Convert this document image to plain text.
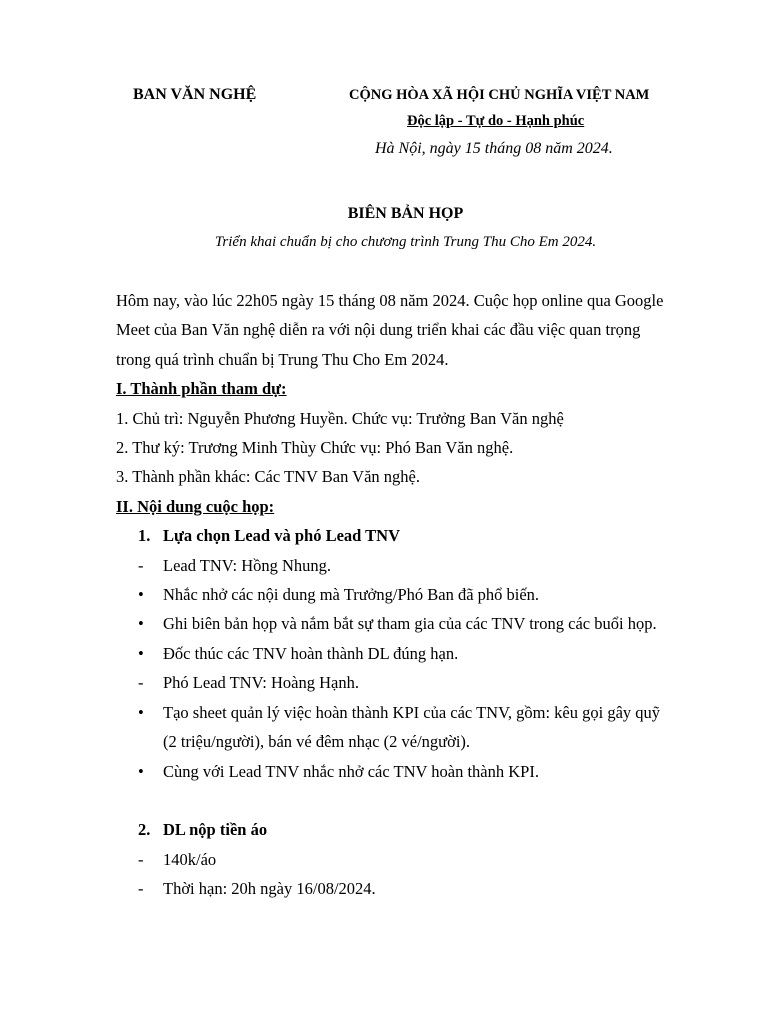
BAN VĂN NGHỆ	CỘNG HÒA XÃ HỘI CHỦ NGHĨA VIỆT NAM
Độc lập - Tự do - Hạnh phúc
Hà Nội, ngày 15 tháng 08 năm 2024.
BIÊN BẢN HỌP
Triển khai chuẩn bị cho chương trình Trung Thu Cho Em 2024.

Hôm nay, vào lúc 22h05 ngày 15 tháng 08 năm 2024. Cuộc họp online qua Google Meet của Ban Văn nghệ diễn ra với nội dung triển khai các đầu việc quan trọng trong quá trình chuẩn bị Trung Thu Cho Em 2024.

I. Thành phần tham dự:

1. Chủ trì: Nguyễn Phương Huyền. Chức vụ: Trưởng Ban Văn nghệ

2. Thư ký: Trương Minh Thùy Chức vụ: Phó Ban Văn nghệ.

3. Thành phần khác: Các TNV Ban Văn nghệ.

II. Nội dung cuộc họp:

1. Lựa chọn Lead và phó Lead TNV
- Lead TNV: Hồng Nhung.
• Nhắc nhở các nội dung mà Trưởng/Phó Ban đã phổ biến.
• Ghi biên bản họp và nắm bắt sự tham gia của các TNV trong các buổi họp.
• Đốc thúc các TNV hoàn thành DL đúng hạn.
- Phó Lead TNV: Hoàng Hạnh.
• Tạo sheet quản lý việc hoàn thành KPI của các TNV, gồm: kêu gọi gây quỹ (2 triệu/người), bán vé đêm nhạc (2 vé/người).
• Cùng với Lead TNV nhắc nhở các TNV hoàn thành KPI.
2. DL nộp tiền áo
- 140k/áo
- Thời hạn: 20h ngày 16/08/2024.
